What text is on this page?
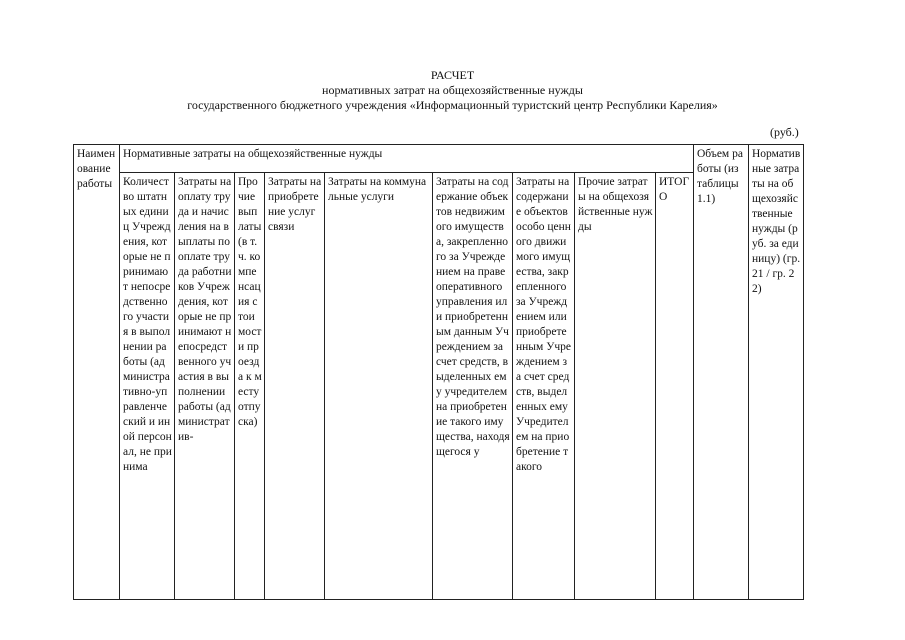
РАСЧЕТ
нормативных затрат на общехозяйственные нужды
государственного бюджетного учреждения «Информационный туристский центр Республики Карелия»
(руб.)
Наименование работы	Нормативные затраты на общехозяйственные нужды									Объем работы (из таблицы 1.1)	Нормативные затраты на общехозяйственные нужды (руб. за единицу) (гр. 21 / гр. 22)

	Количество штатных единиц Учреждения, которые не принимают непосредственного участия в выполнении работы (административно-управленческий и иной персонал, не принима	Затраты на оплату труда и начисления на выплаты по оплате труда работников Учреждения, которые не принимают непосредственного участия в выполнении работы (административ-	Прочие выплаты (в т.ч. компенсация стоимости проезда к месту отпуска)	Затраты на приобретение услуг связи	Затраты на коммунальные услуги	Затраты на содержание объектов недвижимого имущества, закрепленного за Учреждением на праве оперативного управления или приобретенным данным Учреждением за счет средств, выделенных ему учредителем на приобретение такого имущества, находящегося у	Затраты на содержание объектов особо ценного движимого имущества, закрепленного за Учреждением или приобретенным Учреждением за счет средств, выделенных ему Учредителем на приобретение такого	Прочие затраты на общехозяйственные нужды	ИТОГО		
